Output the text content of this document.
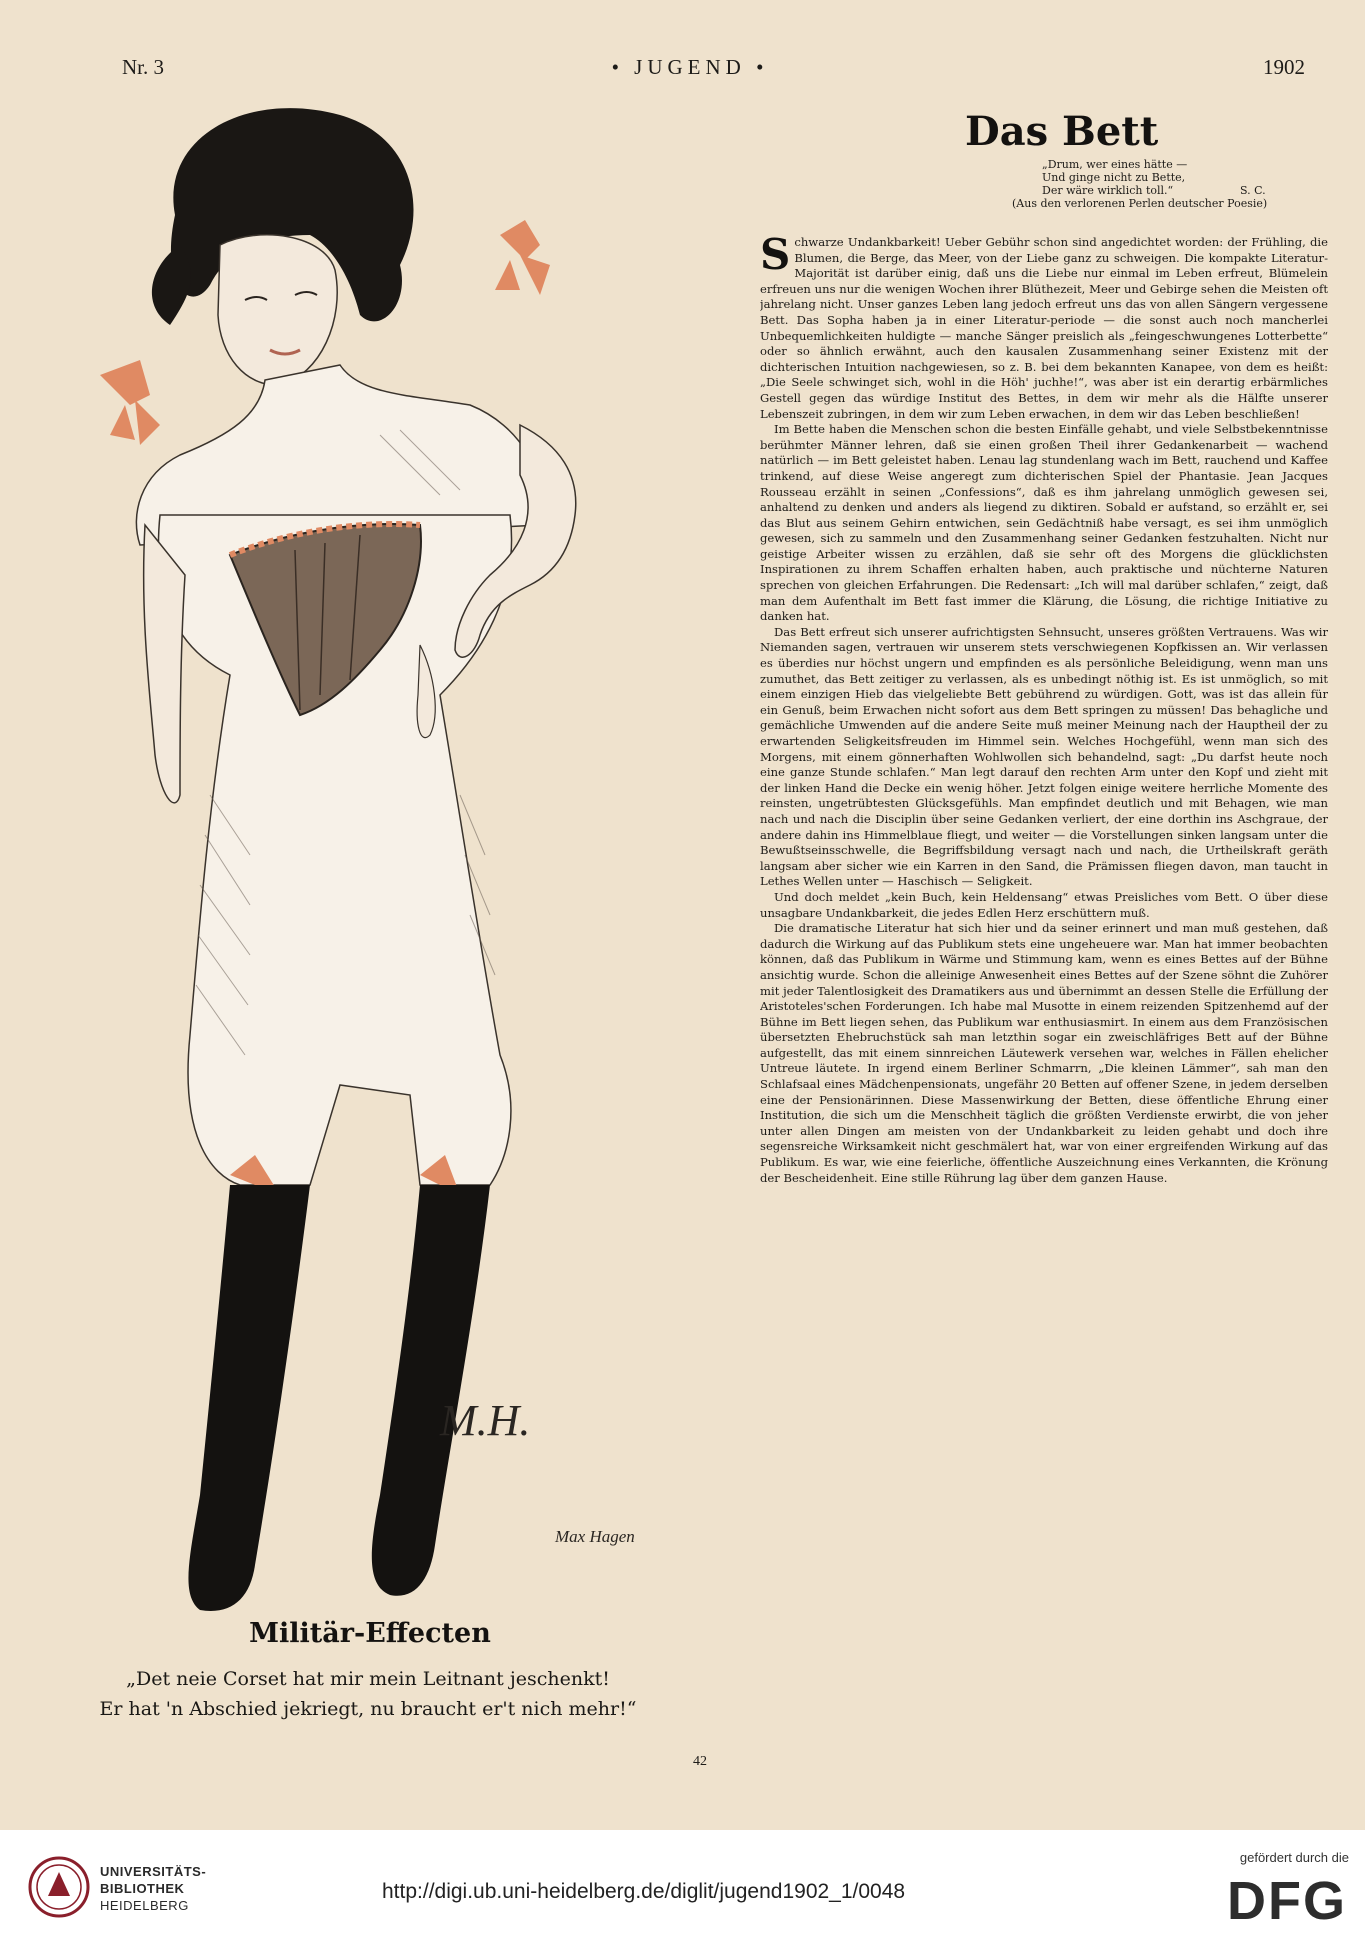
Nr. 3	• JUGEND •	1902
M.H.
Max Hagen
Militär-Effecten
„Det neie Corset hat mir mein Leitnant jeschenkt!
Er hat 'n Abschied jekriegt, nu braucht er't nich mehr!“
Das Bett
„Drum, wer eines hätte —
Und ginge nicht zu Bette,
Der wäre wirklich toll.“	S. C.
(Aus den verlorenen Perlen deutscher Poesie)

Schwarze Undankbarkeit! Ueber Gebühr schon sind angedichtet worden: der Frühling, die Blumen, die Berge, das Meer, von der Liebe ganz zu schweigen. Die kompakte Literatur-Majorität ist darüber einig, daß uns die Liebe nur einmal im Leben erfreut, Blümelein erfreuen uns nur die wenigen Wochen ihrer Blüthezeit, Meer und Gebirge sehen die Meisten oft jahrelang nicht. Unser ganzes Leben lang jedoch erfreut uns das von allen Sängern vergessene Bett. Das Sopha haben ja in einer Literatur-periode — die sonst auch noch mancherlei Unbequemlichkeiten huldigte — manche Sänger preislich als „feingeschwungenes Lotterbette“ oder so ähnlich erwähnt, auch den kausalen Zusammenhang seiner Existenz mit der dichterischen Intuition nachgewiesen, so z. B. bei dem bekannten Kanapee, von dem es heißt: „Die Seele schwinget sich, wohl in die Höh' juchhe!“, was aber ist ein derartig erbärmliches Gestell gegen das würdige Institut des Bettes, in dem wir mehr als die Hälfte unserer Lebenszeit zubringen, in dem wir zum Leben erwachen, in dem wir das Leben beschließen!

Im Bette haben die Menschen schon die besten Einfälle gehabt, und viele Selbstbekenntnisse berühmter Männer lehren, daß sie einen großen Theil ihrer Gedankenarbeit — wachend natürlich — im Bett geleistet haben. Lenau lag stundenlang wach im Bett, rauchend und Kaffee trinkend, auf diese Weise angeregt zum dichterischen Spiel der Phantasie. Jean Jacques Rousseau erzählt in seinen „Confessions“, daß es ihm jahrelang unmöglich gewesen sei, anhaltend zu denken und anders als liegend zu diktiren. Sobald er aufstand, so erzählt er, sei das Blut aus seinem Gehirn entwichen, sein Gedächtniß habe versagt, es sei ihm unmöglich gewesen, sich zu sammeln und den Zusammenhang seiner Gedanken festzuhalten. Nicht nur geistige Arbeiter wissen zu erzählen, daß sie sehr oft des Morgens die glücklichsten Inspirationen zu ihrem Schaffen erhalten haben, auch praktische und nüchterne Naturen sprechen von gleichen Erfahrungen. Die Redensart: „Ich will mal darüber schlafen,“ zeigt, daß man dem Aufenthalt im Bett fast immer die Klärung, die Lösung, die richtige Initiative zu danken hat.

Das Bett erfreut sich unserer aufrichtigsten Sehnsucht, unseres größten Vertrauens. Was wir Niemanden sagen, vertrauen wir unserem stets verschwiegenen Kopfkissen an. Wir verlassen es überdies nur höchst ungern und empfinden es als persönliche Beleidigung, wenn man uns zumuthet, das Bett zeitiger zu verlassen, als es unbedingt nöthig ist. Es ist unmöglich, so mit einem einzigen Hieb das vielgeliebte Bett gebührend zu würdigen. Gott, was ist das allein für ein Genuß, beim Erwachen nicht sofort aus dem Bett springen zu müssen! Das behagliche und gemächliche Umwenden auf die andere Seite muß meiner Meinung nach der Hauptheil der zu erwartenden Seligkeitsfreuden im Himmel sein. Welches Hochgefühl, wenn man sich des Morgens, mit einem gönnerhaften Wohlwollen sich behandelnd, sagt: „Du darfst heute noch eine ganze Stunde schlafen.“ Man legt darauf den rechten Arm unter den Kopf und zieht mit der linken Hand die Decke ein wenig höher. Jetzt folgen einige weitere herrliche Momente des reinsten, ungetrübtesten Glücksgefühls. Man empfindet deutlich und mit Behagen, wie man nach und nach die Disciplin über seine Gedanken verliert, der eine dorthin ins Aschgraue, der andere dahin ins Himmelblaue fliegt, und weiter — die Vorstellungen sinken langsam unter die Bewußtseinsschwelle, die Begriffsbildung versagt nach und nach, die Urtheilskraft geräth langsam aber sicher wie ein Karren in den Sand, die Prämissen fliegen davon, man taucht in Lethes Wellen unter — Haschisch — Seligkeit.

Und doch meldet „kein Buch, kein Heldensang“ etwas Preisliches vom Bett. O über diese unsagbare Undankbarkeit, die jedes Edlen Herz erschüttern muß.

Die dramatische Literatur hat sich hier und da seiner erinnert und man muß gestehen, daß dadurch die Wirkung auf das Publikum stets eine ungeheuere war. Man hat immer beobachten können, daß das Publikum in Wärme und Stimmung kam, wenn es eines Bettes auf der Bühne ansichtig wurde. Schon die alleinige Anwesenheit eines Bettes auf der Szene söhnt die Zuhörer mit jeder Talentlosigkeit des Dramatikers aus und übernimmt an dessen Stelle die Erfüllung der Aristoteles'schen Forderungen. Ich habe mal Musotte in einem reizenden Spitzenhemd auf der Bühne im Bett liegen sehen, das Publikum war enthusiasmirt. In einem aus dem Französischen übersetzten Ehebruchstück sah man letzthin sogar ein zweischläfriges Bett auf der Bühne aufgestellt, das mit einem sinnreichen Läutewerk versehen war, welches in Fällen ehelicher Untreue läutete. In irgend einem Berliner Schmarrn, „Die kleinen Lämmer“, sah man den Schlafsaal eines Mädchenpensionats, ungefähr 20 Betten auf offener Szene, in jedem derselben eine der Pensionärinnen. Diese Massenwirkung der Betten, diese öffentliche Ehrung einer Institution, die sich um die Menschheit täglich die größten Verdienste erwirbt, die von jeher unter allen Dingen am meisten von der Undankbarkeit zu leiden gehabt und doch ihre segensreiche Wirksamkeit nicht geschmälert hat, war von einer ergreifenden Wirkung auf das Publikum. Es war, wie eine feierliche, öffentliche Auszeichnung eines Verkannten, die Krönung der Bescheidenheit. Eine stille Rührung lag über dem ganzen Hause.

42
UNIVERSITÄTS-
BIBLIOTHEK
HEIDELBERG
http://digi.ub.uni-heidelberg.de/diglit/jugend1902_1/0048
gefördert durch die
DFG
